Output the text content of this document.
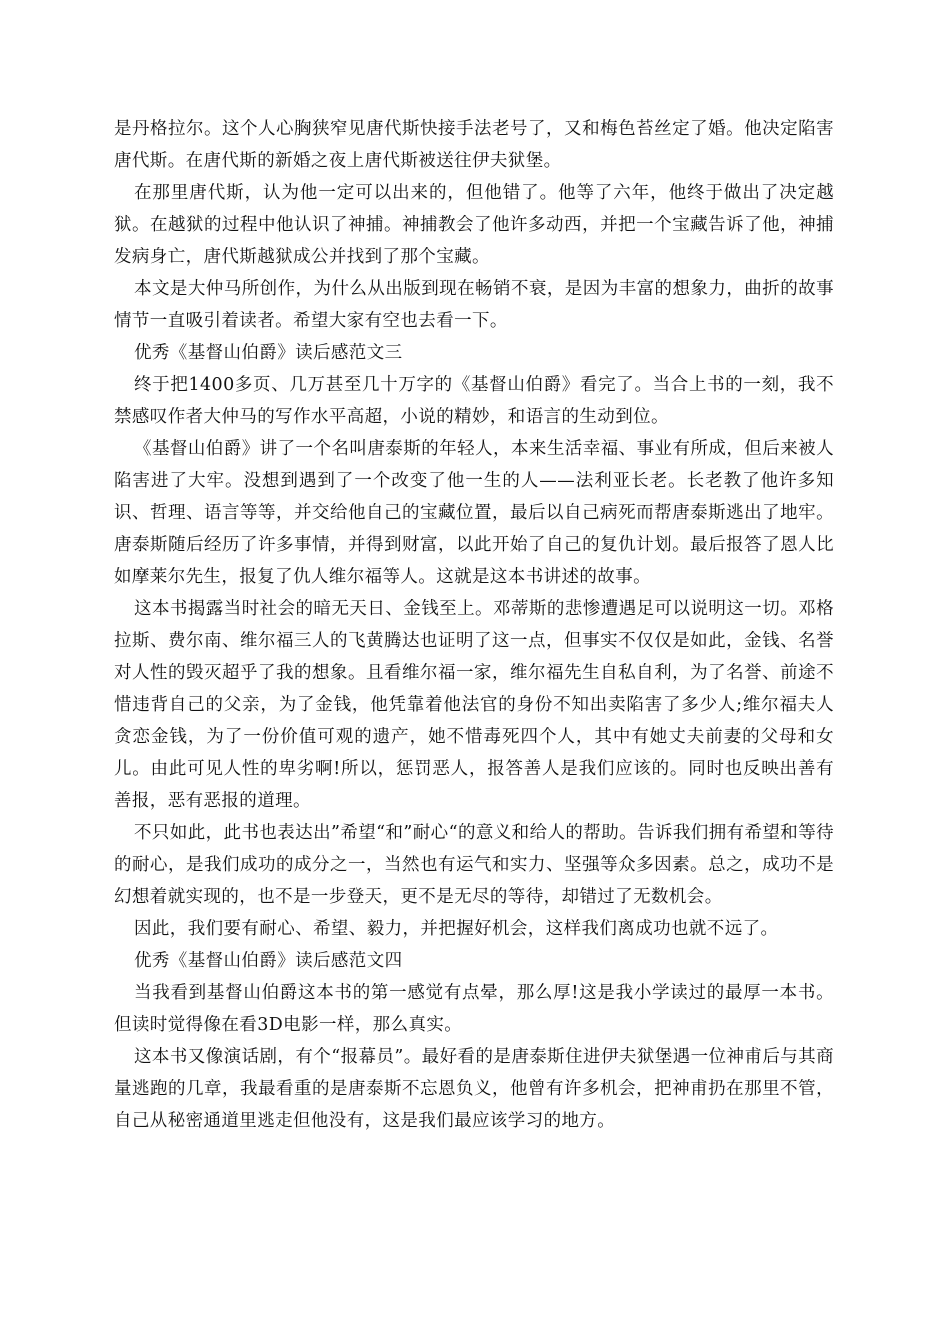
是丹格拉尔。这个人心胸狭窄见唐代斯快接手法老号了，又和梅色苔丝定了婚。他决定陷害唐代斯。在唐代斯的新婚之夜上唐代斯被送往伊夫狱堡。

在那里唐代斯，认为他一定可以出来的，但他错了。他等了六年，他终于做出了决定越狱。在越狱的过程中他认识了神捕。神捕教会了他许多动西，并把一个宝藏告诉了他，神捕发病身亡，唐代斯越狱成公并找到了那个宝藏。

本文是大仲马所创作，为什么从出版到现在畅销不衰，是因为丰富的想象力，曲折的故事情节一直吸引着读者。希望大家有空也去看一下。

优秀《基督山伯爵》读后感范文三

终于把1400多页、几万甚至几十万字的《基督山伯爵》看完了。当合上书的一刻，我不禁感叹作者大仲马的写作水平高超，小说的精妙，和语言的生动到位。

《基督山伯爵》讲了一个名叫唐泰斯的年轻人，本来生活幸福、事业有所成，但后来被人陷害进了大牢。没想到遇到了一个改变了他一生的人——法利亚长老。长老教了他许多知识、哲理、语言等等，并交给他自己的宝藏位置，最后以自己病死而帮唐泰斯逃出了地牢。唐泰斯随后经历了许多事情，并得到财富，以此开始了自己的复仇计划。最后报答了恩人比如摩莱尔先生，报复了仇人维尔福等人。这就是这本书讲述的故事。

这本书揭露当时社会的暗无天日、金钱至上。邓蒂斯的悲惨遭遇足可以说明这一切。邓格拉斯、费尔南、维尔福三人的飞黄腾达也证明了这一点，但事实不仅仅是如此，金钱、名誉对人性的毁灭超乎了我的想象。且看维尔福一家，维尔福先生自私自利，为了名誉、前途不惜违背自己的父亲，为了金钱，他凭靠着他法官的身份不知出卖陷害了多少人;维尔福夫人贪恋金钱，为了一份价值可观的遗产，她不惜毒死四个人，其中有她丈夫前妻的父母和女儿。由此可见人性的卑劣啊!所以，惩罚恶人，报答善人是我们应该的。同时也反映出善有善报，恶有恶报的道理。

不只如此，此书也表达出”希望“和”耐心“的意义和给人的帮助。告诉我们拥有希望和等待的耐心，是我们成功的成分之一，当然也有运气和实力、坚强等众多因素。总之，成功不是幻想着就实现的，也不是一步登天，更不是无尽的等待，却错过了无数机会。

因此，我们要有耐心、希望、毅力，并把握好机会，这样我们离成功也就不远了。

优秀《基督山伯爵》读后感范文四

当我看到基督山伯爵这本书的第一感觉有点晕，那么厚!这是我小学读过的最厚一本书。但读时觉得像在看3D电影一样，那么真实。

这本书又像演话剧，有个“报幕员”。最好看的是唐泰斯住进伊夫狱堡遇一位神甫后与其商量逃跑的几章，我最看重的是唐泰斯不忘恩负义，他曾有许多机会，把神甫扔在那里不管，自己从秘密通道里逃走但他没有，这是我们最应该学习的地方。
